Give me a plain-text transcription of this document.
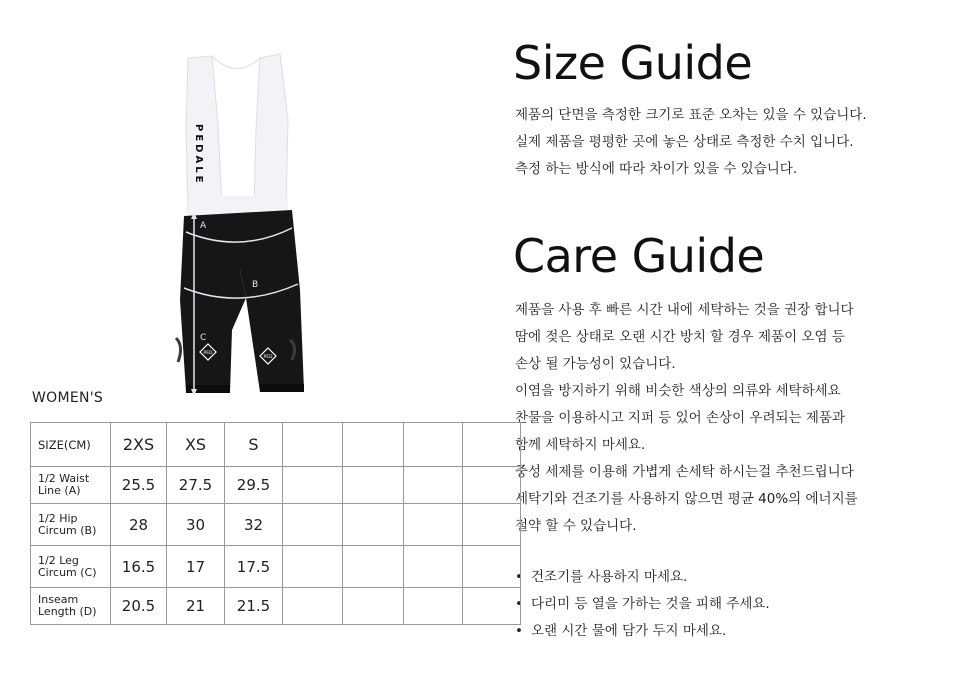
PEDALE
A
B
C
PED
PED
Size Guide
제품의 단면을 측정한 크기로 표준 오차는 있을 수 있습니다.
실제 제품을 평평한 곳에 놓은 상태로 측정한 수치 입니다.
측정 하는 방식에 따라 차이가 있을 수 있습니다.
Care Guide
제품을 사용 후 빠른 시간 내에 세탁하는 것을 권장 합니다
땀에 젖은 상태로 오랜 시간 방치 할 경우 제품이 오염 등
손상 될 가능성이 있습니다.
이염을 방지하기 위해 비슷한 색상의 의류와 세탁하세요
찬물을 이용하시고 지퍼 등 있어 손상이 우려되는 제품과
함께 세탁하지 마세요.
중성 세제를 이용해 가볍게 손세탁 하시는걸 추천드립니다
세탁기와 건조기를 사용하지 않으면 평균 40%의 에너지를
절약 할 수 있습니다.
• 건조기를 사용하지 마세요.
• 다리미 등 열을 가하는 것을 피해 주세요.
• 오랜 시간 물에 담가 두지 마세요.
WOMEN'S
SIZE(CM)	2XS	XS	S				
1/2 Waist
Line (A)	25.5	27.5	29.5				
1/2 Hip
Circum (B)	28	30	32				
1/2 Leg
Circum (C)	16.5	17	17.5				
Inseam
Length (D)	20.5	21	21.5				
